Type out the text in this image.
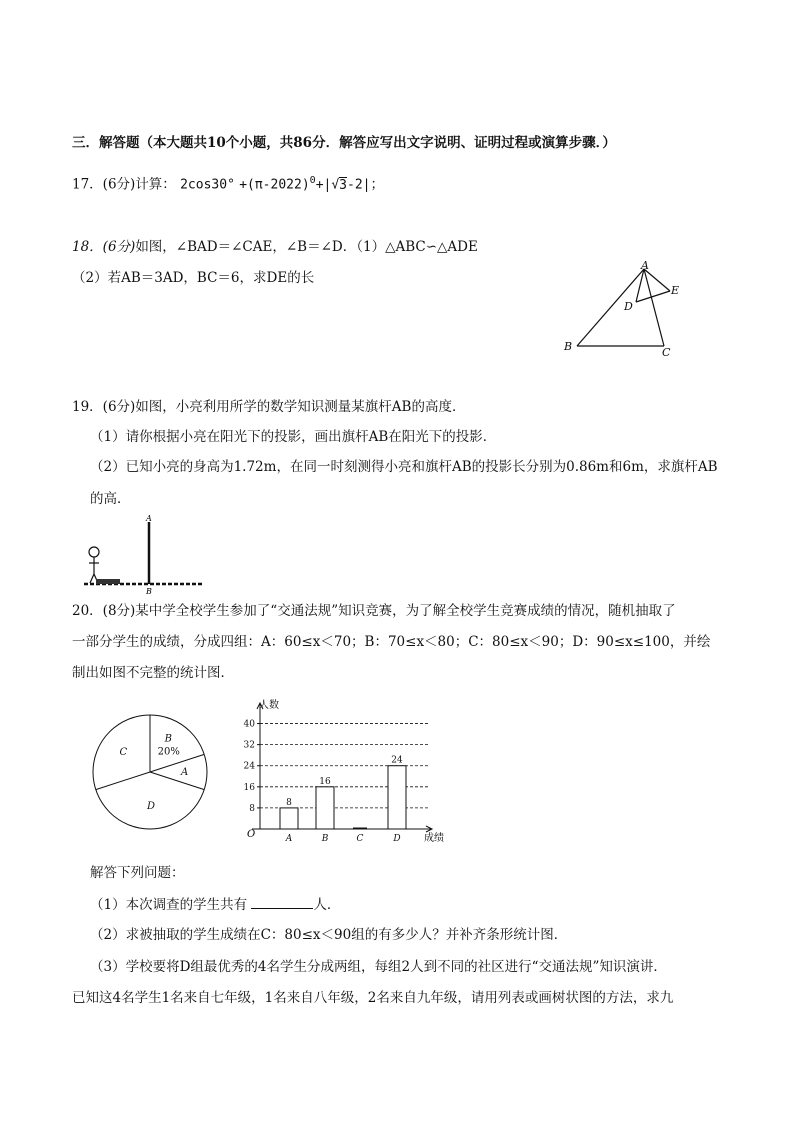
三．解答题（本大题共10个小题，共86分．解答应写出文字说明、证明过程或演算步骤．）
17．(6分)计算： $2\cos 30^\circ +(\pi-2022)^0+|√3-2|$；
18．(6分)如图，∠BAD＝∠CAE，∠B＝∠D．（1）△ABC∽△ADE
（2）若AB＝3AD，BC＝6，求DE的长
A
B	C
D
E
19．(6分)如图，小亮利用所学的数学知识测量某旗杆AB的高度．
（1）请你根据小亮在阳光下的投影，画出旗杆AB在阳光下的投影．
（2）已知小亮的身高为1.72m，在同一时刻测得小亮和旗杆AB的投影长分别为0.86m和6m，求旗杆AB
的高．
A
B
20．(8分)某中学全校学生参加了“交通法规”知识竞赛，为了解全校学生竞赛成绩的情况，随机抽取了
一部分学生的成绩，分成四组：A：60≤x＜70；B：70≤x＜80；C：80≤x＜90；D：90≤x≤100，并绘
制出如图不完整的统计图．
B
20%
A
D
C
8
16
24
32
40
A
8
B
16
C	D
24
人数
成绩
O
解答下列问题：
（1）本次调查的学生共有	人．
（2）求被抽取的学生成绩在C：80≤x＜90组的有多少人？并补齐条形统计图．
（3）学校要将D组最优秀的4名学生分成两组，每组2人到不同的社区进行“交通法规”知识演讲．
已知这4名学生1名来自七年级，1名来自八年级，2名来自九年级，请用列表或画树状图的方法，求九
